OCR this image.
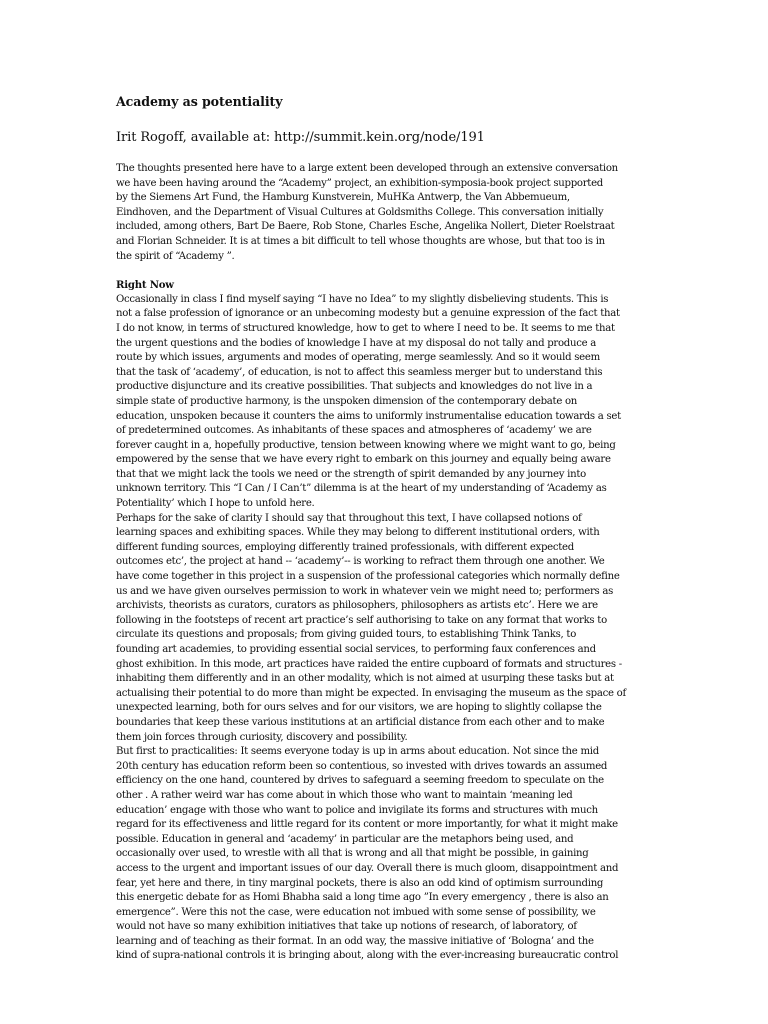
Academy as potentiality
Irit Rogoff, available at: http://summit.kein.org/node/191
The thoughts presented here have to a large extent been developed through an extensive conversation
we have been having around the “Academy” project, an exhibition-symposia-book project supported
by the Siemens Art Fund, the Hamburg Kunstverein, MuHKa Antwerp, the Van Abbemueum,
Eindhoven, and the Department of Visual Cultures at Goldsmiths College. This conversation initially
included, among others, Bart De Baere, Rob Stone, Charles Esche, Angelika Nollert, Dieter Roelstraat
and Florian Schneider. It is at times a bit difficult to tell whose thoughts are whose, but that too is in
the spirit of “Academy ”.
Right Now
Occasionally in class I find myself saying “I have no Idea” to my slightly disbelieving students. This is
not a false profession of ignorance or an unbecoming modesty but a genuine expression of the fact that
I do not know, in terms of structured knowledge, how to get to where I need to be. It seems to me that
the urgent questions and the bodies of knowledge I have at my disposal do not tally and produce a
route by which issues, arguments and modes of operating, merge seamlessly. And so it would seem
that the task of ‘academy’, of education, is not to affect this seamless merger but to understand this
productive disjuncture and its creative possibilities. That subjects and knowledges do not live in a
simple state of productive harmony, is the unspoken dimension of the contemporary debate on
education, unspoken because it counters the aims to uniformly instrumentalise education towards a set
of predetermined outcomes. As inhabitants of these spaces and atmospheres of ‘academy’ we are
forever caught in a, hopefully productive, tension between knowing where we might want to go, being
empowered by the sense that we have every right to embark on this journey and equally being aware
that that we might lack the tools we need or the strength of spirit demanded by any journey into
unknown territory. This “I Can / I Can’t” dilemma is at the heart of my understanding of ‘Academy as
Potentiality’ which I hope to unfold here.
Perhaps for the sake of clarity I should say that throughout this text, I have collapsed notions of
learning spaces and exhibiting spaces. While they may belong to different institutional orders, with
different funding sources, employing differently trained professionals, with different expected
outcomes etc’, the project at hand -- ‘academy’-- is working to refract them through one another. We
have come together in this project in a suspension of the professional categories which normally define
us and we have given ourselves permission to work in whatever vein we might need to; performers as
archivists, theorists as curators, curators as philosophers, philosophers as artists etc’. Here we are
following in the footsteps of recent art practice’s self authorising to take on any format that works to
circulate its questions and proposals; from giving guided tours, to establishing Think Tanks, to
founding art academies, to providing essential social services, to performing faux conferences and
ghost exhibition. In this mode, art practices have raided the entire cupboard of formats and structures -
inhabiting them differently and in an other modality, which is not aimed at usurping these tasks but at
actualising their potential to do more than might be expected. In envisaging the museum as the space of
unexpected learning, both for ours selves and for our visitors, we are hoping to slightly collapse the
boundaries that keep these various institutions at an artificial distance from each other and to make
them join forces through curiosity, discovery and possibility.
But first to practicalities: It seems everyone today is up in arms about education. Not since the mid
20th century has education reform been so contentious, so invested with drives towards an assumed
efficiency on the one hand, countered by drives to safeguard a seeming freedom to speculate on the
other . A rather weird war has come about in which those who want to maintain ‘meaning led
education’ engage with those who want to police and invigilate its forms and structures with much
regard for its effectiveness and little regard for its content or more importantly, for what it might make
possible. Education in general and ‘academy’ in particular are the metaphors being used, and
occasionally over used, to wrestle with all that is wrong and all that might be possible, in gaining
access to the urgent and important issues of our day. Overall there is much gloom, disappointment and
fear, yet here and there, in tiny marginal pockets, there is also an odd kind of optimism surrounding
this energetic debate for as Homi Bhabha said a long time ago ”In every emergency , there is also an
emergence”. Were this not the case, were education not imbued with some sense of possibility, we
would not have so many exhibition initiatives that take up notions of research, of laboratory, of
learning and of teaching as their format. In an odd way, the massive initiative of ‘Bologna’ and the
kind of supra-national controls it is bringing about, along with the ever-increasing bureaucratic control
